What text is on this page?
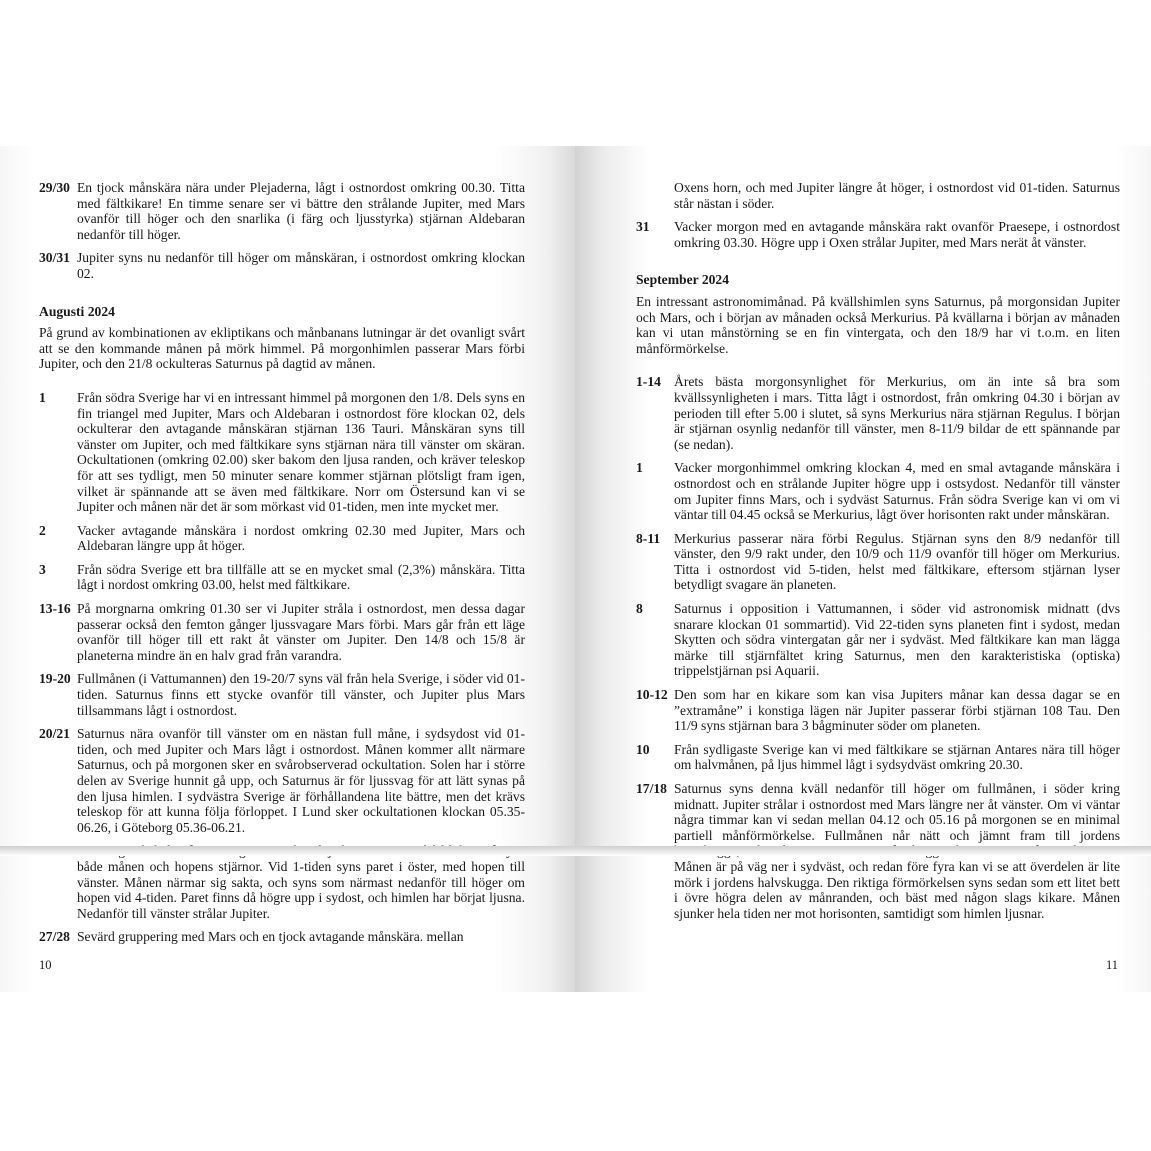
29/30 En tjock månskära nära under Plejaderna, lågt i ostnordost omkring 00.30. Titta med fältkikare! En timme senare ser vi bättre den strålande Jupiter, med Mars ovanför till höger och den snarlika (i färg och ljusstyrka) stjärnan Aldebaran nedanför till höger.
30/31 Jupiter syns nu nedanför till höger om månskäran, i ostnordost omkring klockan 02.
Augusti 2024

På grund av kombinationen av ekliptikans och månbanans lutningar är det ovanligt svårt att se den kommande månen på mörk himmel. På morgonhimlen passerar Mars förbi Jupiter, och den 21/8 ockulteras Saturnus på dagtid av månen.

1	Från södra Sverige har vi en intressant himmel på morgonen den 1/8. Dels syns en fin triangel med Jupiter, Mars och Aldebaran i ostnordost före klockan 02, dels ockulterar den avtagande månskäran stjärnan 136 Tauri. Månskäran syns till vänster om Jupiter, och med fältkikare syns stjärnan nära till vänster om skäran. Ockultationen (omkring 02.00) sker bakom den ljusa randen, och kräver teleskop för att ses tydligt, men 50 minuter senare kommer stjärnan plötsligt fram igen, vilket är spännande att se även med fältkikare. Norr om Östersund kan vi se Jupiter och månen när det är som mörkast vid 01-tiden, men inte mycket mer.
2	Vacker avtagande månskära i nordost omkring 02.30 med Jupiter, Mars och Aldebaran längre upp åt höger.
3	Från södra Sverige ett bra tillfälle att se en mycket smal (2,3%) månskära. Titta lågt i nordost omkring 03.00, helst med fältkikare.
13-16 På morgnarna omkring 01.30 ser vi Jupiter stråla i ostnordost, men dessa dagar passerar också den femton gånger ljussvagare Mars förbi. Mars går från ett läge ovanför till höger till ett rakt åt vänster om Jupiter. Den 14/8 och 15/8 är planeterna mindre än en halv grad från varandra.
19-20 Fullmånen (i Vattumannen) den 19-20/7 syns väl från hela Sverige, i söder vid 01-tiden. Saturnus finns ett stycke ovanför till vänster, och Jupiter plus Mars tillsammans lågt i ostnordost.
20/21 Saturnus nära ovanför till vänster om en nästan full måne, i sydsydost vid 01-tiden, och med Jupiter och Mars lågt i ostnordost. Månen kommer allt närmare Saturnus, och på morgonen sker en svårobserverad ockultation. Solen har i större delen av Sverige hunnit gå upp, och Saturnus är för ljussvag för att lätt synas på den ljusa himlen. I sydvästra Sverige är förhållandena lite bättre, men det krävs teleskop för att kunna följa förloppet. I Lund sker ockultationen klockan 05.35-06.26, i Göteborg 05.36-06.21.
både månen och hopens stjärnor. Vid 1-tiden syns paret i öster, med hopen till vänster. Månen närmar sig sakta, och syns som närmast nedanför till höger om hopen vid 4-tiden. Paret finns då högre upp i sydost, och himlen har börjat ljusna. Nedanför till vänster strålar Jupiter.
27/28 Sevärd gruppering med Mars och en tjock avtagande månskära. mellan
10
Oxens horn, och med Jupiter längre åt höger, i ostnordost vid 01-tiden. Saturnus står nästan i söder.
31	Vacker morgon med en avtagande månskära rakt ovanför Praesepe, i ostnordost omkring 03.30. Högre upp i Oxen strålar Jupiter, med Mars nerät åt vänster.
September 2024

En intressant astronomimånad. På kvällshimlen syns Saturnus, på morgonsidan Jupiter och Mars, och i början av månaden också Merkurius. På kvällarna i början av månaden kan vi utan månstörning se en fin vintergata, och den 18/9 har vi t.o.m. en liten månförmörkelse.

1-14 Årets bästa morgonsynlighet för Merkurius, om än inte så bra som kvällssynligheten i mars. Titta lågt i ostnordost, från omkring 04.30 i början av perioden till efter 5.00 i slutet, så syns Merkurius nära stjärnan Regulus. I början är stjärnan osynlig nedanför till vänster, men 8-11/9 bildar de ett spännande par (se nedan).
1	Vacker morgonhimmel omkring klockan 4, med en smal avtagande månskära i ostnordost och en strålande Jupiter högre upp i ostsydost. Nedanför till vänster om Jupiter finns Mars, och i sydväst Saturnus. Från södra Sverige kan vi om vi väntar till 04.45 också se Merkurius, lågt över horisonten rakt under månskäran.
8-11	Merkurius passerar nära förbi Regulus. Stjärnan syns den 8/9 nedanför till vänster, den 9/9 rakt under, den 10/9 och 11/9 ovanför till höger om Merkurius. Titta i ostnordost vid 5-tiden, helst med fältkikare, eftersom stjärnan lyser betydligt svagare än planeten.
8	Saturnus i opposition i Vattumannen, i söder vid astronomisk midnatt (dvs snarare klockan 01 sommartid). Vid 22-tiden syns planeten fint i sydost, medan Skytten och södra vintergatan går ner i sydväst. Med fältkikare kan man lägga märke till stjärnfältet kring Saturnus, men den karakteristiska (optiska) trippelstjärnan psi Aquarii.
10-12 Den som har en kikare som kan visa Jupiters månar kan dessa dagar se en ”extramåne” i konstiga lägen när Jupiter passerar förbi stjärnan 108 Tau. Den 11/9 syns stjärnan bara 3 bågminuter söder om planeten.
10	Från sydligaste Sverige kan vi med fältkikare se stjärnan Antares nära till höger om halvmånen, på ljus himmel lågt i sydsydväst omkring 20.30.
17/18 Saturnus syns denna kväll nedanför till höger om fullmånen, i söder kring midnatt. Jupiter strålar i ostnordost med Mars längre ner åt vänster. Om vi väntar några timmar kan vi sedan mellan 04.12 och 05.16 på morgonen se en minimal partiell månförmörkelse. Fullmånen når nätt och jämnt fram till jordens Månen är på väg ner i sydväst, och redan före fyra kan vi se att överdelen är lite mörk i jordens halvskugga. Den riktiga förmörkelsen syns sedan som ett litet bett i övre högra delen av månranden, och bäst med någon slags kikare. Månen sjunker hela tiden ner mot horisonten, samtidigt som himlen ljusnar.
11
